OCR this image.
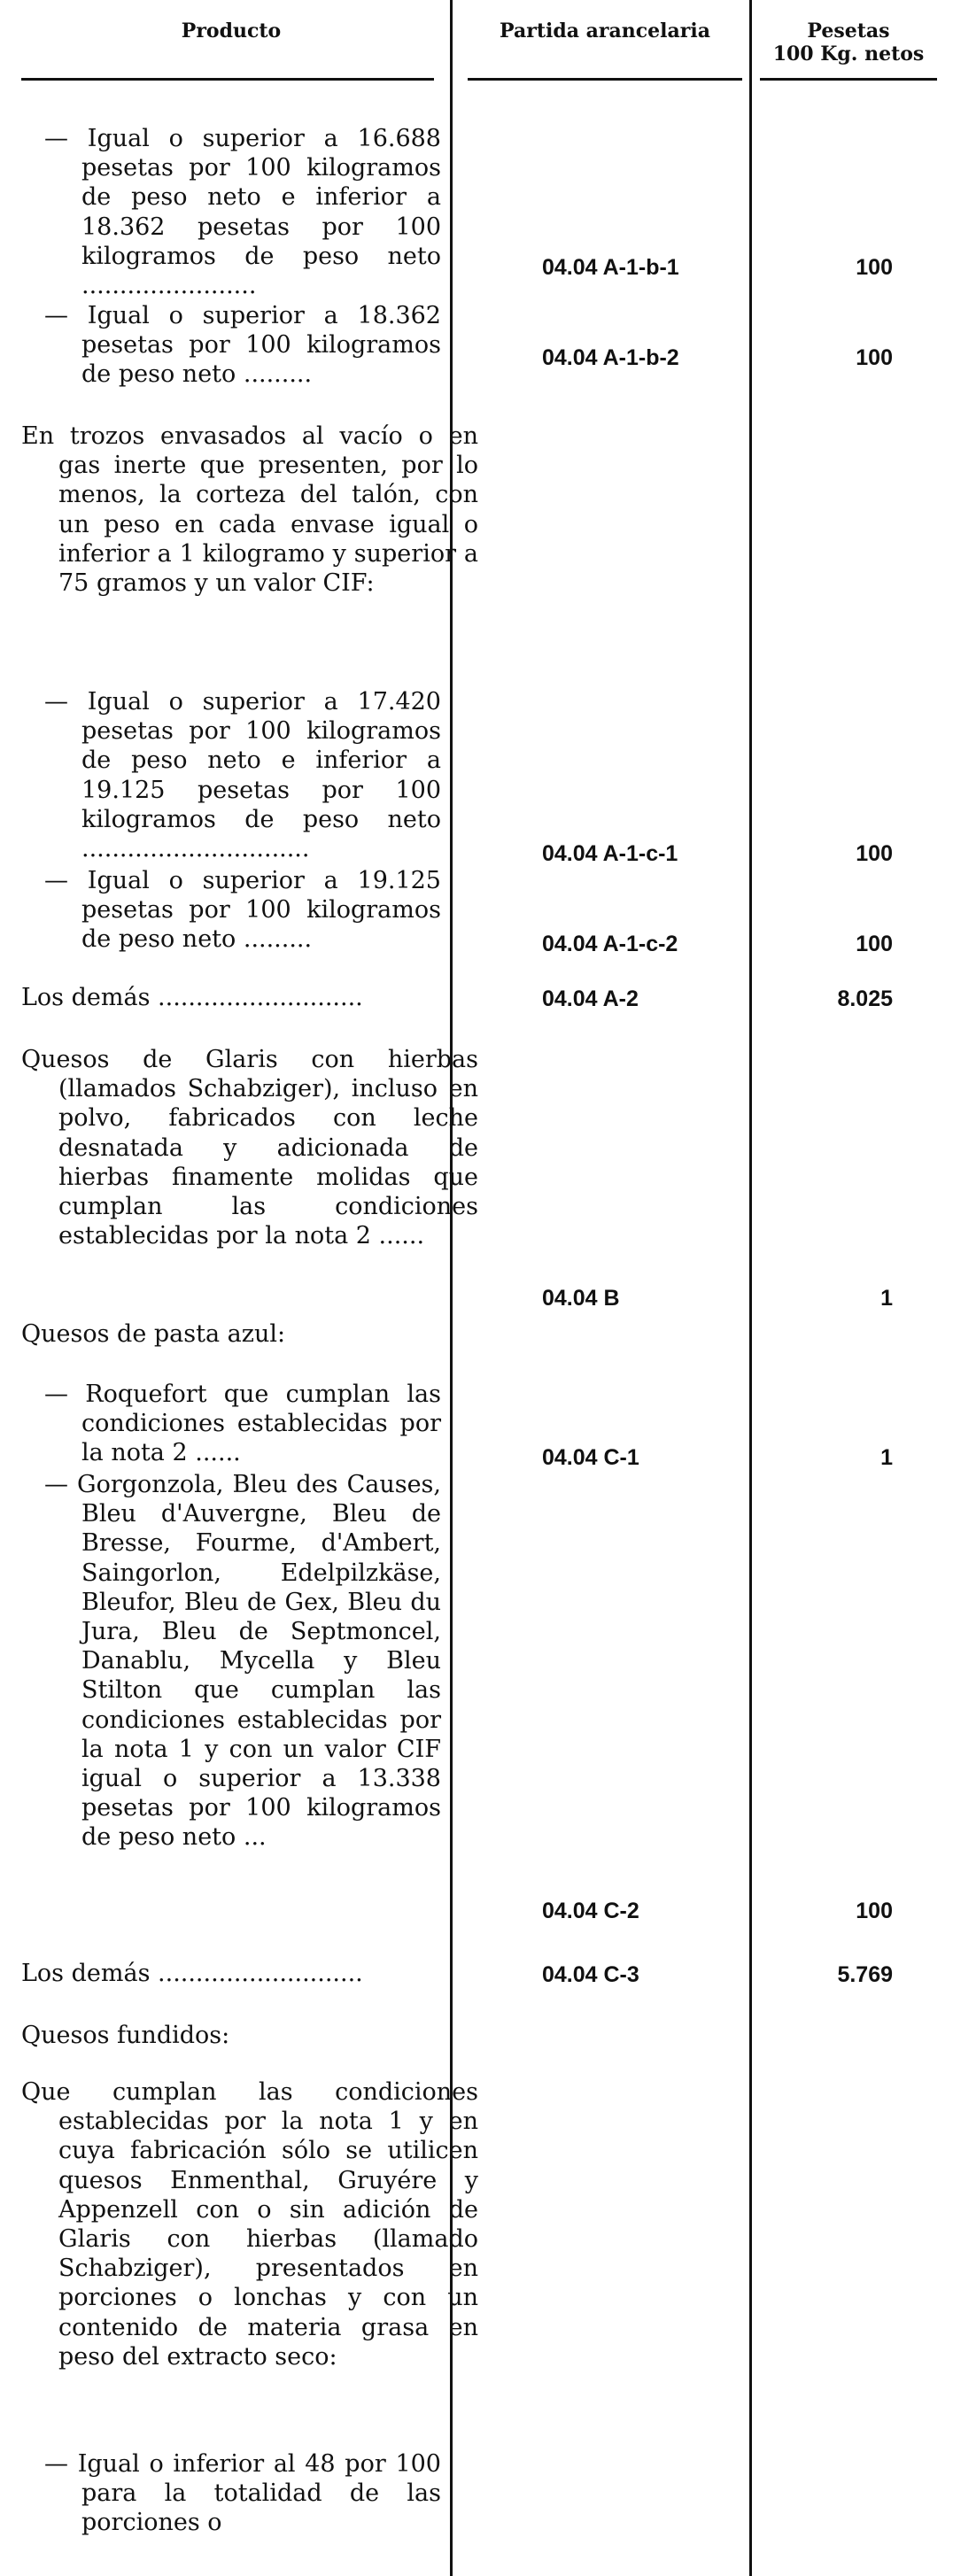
Producto	Partida arancelaria	Pesetas
100 Kg. netos
— Igual o superior a 16.688 pesetas por 100 kilogramos de peso neto e inferior a 18.362 pesetas por 100 kilogramos de peso neto .......................
04.04 A-1-b-1	100
— Igual o superior a 18.362 pesetas por 100 kilogramos de peso neto .........
04.04 A-1-b-2	100
En trozos envasados al vacío o en gas inerte que presenten, por lo menos, la corteza del talón, con un peso en cada envase igual o inferior a 1 kilogramo y superior a 75 gramos y un valor CIF:
— Igual o superior a 17.420 pesetas por 100 kilogramos de peso neto e inferior a 19.125 pesetas por 100 kilogramos de peso neto ..............................	04.04 A-1-c-1	100
— Igual o superior a 19.125 pesetas por 100 kilogramos de peso neto .........	04.04 A-1-c-2	100
Los demás ...........................	04.04 A-2	8.025
Quesos de Glaris con hierbas (llamados Schabziger), incluso en polvo, fabricados con leche desnatada y adicionada de hierbas finamente molidas que cumplan las condiciones establecidas por la nota 2 ......
04.04 B	1
Quesos de pasta azul:
— Roquefort que cumplan las condiciones establecidas por la nota 2 ......	04.04 C-1	1
— Gorgonzola, Bleu des Causes, Bleu d'Auvergne, Bleu de Bresse, Fourme, d'Ambert, Saingorlon, Edelpilzkäse, Bleufor, Bleu de Gex, Bleu du Jura, Bleu de Septmoncel, Danablu, Mycella y Bleu Stilton que cumplan las condiciones establecidas por la nota 1 y con un valor CIF igual o superior a 13.338 pesetas por 100 kilogramos de peso neto ...
04.04 C-2	100
Los demás ...........................	04.04 C-3	5.769
Quesos fundidos:
Que cumplan las condiciones establecidas por la nota 1 y en cuya fabricación sólo se utilicen quesos Enmenthal, Gruyére y Appenzell con o sin adición de Glaris con hierbas (llamado Schabziger), presentados en porciones o lonchas y con un contenido de materia grasa en peso del extracto seco:
— Igual o inferior al 48 por 100 para la totalidad de las porciones o
